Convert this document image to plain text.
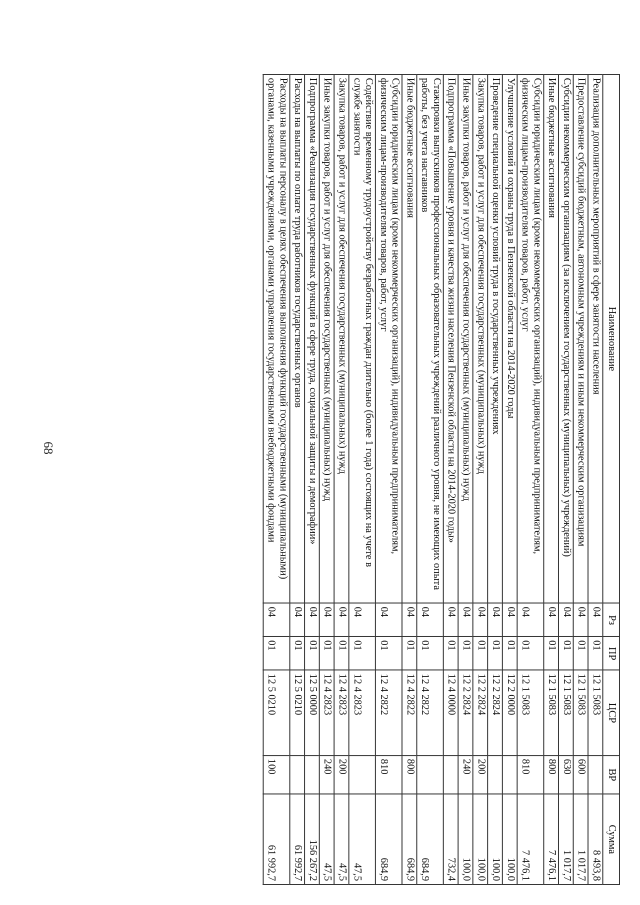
68
Наименование	Рз	ПР	ЦСР	ВР	Сумма
Реализация дополнительных мероприятий в сфере занятости населения	04	01	12 1 5083		8 493,8
Предоставление субсидий бюджетным, автономным учреждениям и иным некоммерческим организациям	04	01	12 1 5083	600	1 017,7
Субсидии некоммерческим организациям (за исключением государственных (муниципальных) учреждений)	04	01	12 1 5083	630	1 017,7
Иные бюджетные ассигнования	04	01	12 1 5083	800	7 476,1
Субсидии юридическим лицам (кроме некоммерческих организаций), индивидуальным предпринимателям, физическим лицам-производителям товаров, работ, услуг	04	01	12 1 5083	810	7 476,1
Улучшение условий и охраны труда в Пензенской области на 2014-2020 годы	04	01	12 2 0000		100,0
Проведение специальной оценки условий труда в государственных учреждениях	04	01	12 2 2824		100,0
Закупка товаров, работ и услуг для обеспечения государственных (муниципальных) нужд	04	01	12 2 2824	200	100,0
Иные закупки товаров, работ и услуг для обеспечения государственных (муниципальных) нужд	04	01	12 2 2824	240	100,0
Подпрограмма «Повышение уровня и качества жизни населения Пензенской области на 2014-2020 годы»	04	01	12 4 0000		732,4
Стажировки выпускников профессиональных образовательных учреждений различного уровня, не имеющих опыта работы, без учета наставников	04	01	12 4 2822		684,9
Иные бюджетные ассигнования	04	01	12 4 2822	800	684,9
Субсидии юридическим лицам (кроме некоммерческих организаций), индивидуальным предпринимателям, физическим лицам-производителям товаров, работ, услуг	04	01	12 4 2822	810	684,9
Содействие временному трудоустройству безработных граждан длительно (более 1 года) состоящих на учете в службе занятости	04	01	12 4 2823		47,5
Закупка товаров, работ и услуг для обеспечения государственных (муниципальных) нужд	04	01	12 4 2823	200	47,5
Иные закупки товаров, работ и услуг для обеспечения государственных (муниципальных) нужд	04	01	12 4 2823	240	47,5
Подпрограмма «Реализация государственных функций в сфере труда, социальной защиты и демографии»	04	01	12 5 0000		156 267,2
Расходы на выплаты по оплате труда работников государственных органов	04	01	12 5 0210		61 992,7
Расходы на выплаты персоналу в целях обеспечения выполнения функций государственными (муниципальными) органами, казенными учреждениями, органами управления государственными внебюджетными фондами	04	01	12 5 0210	100	61 992,7
